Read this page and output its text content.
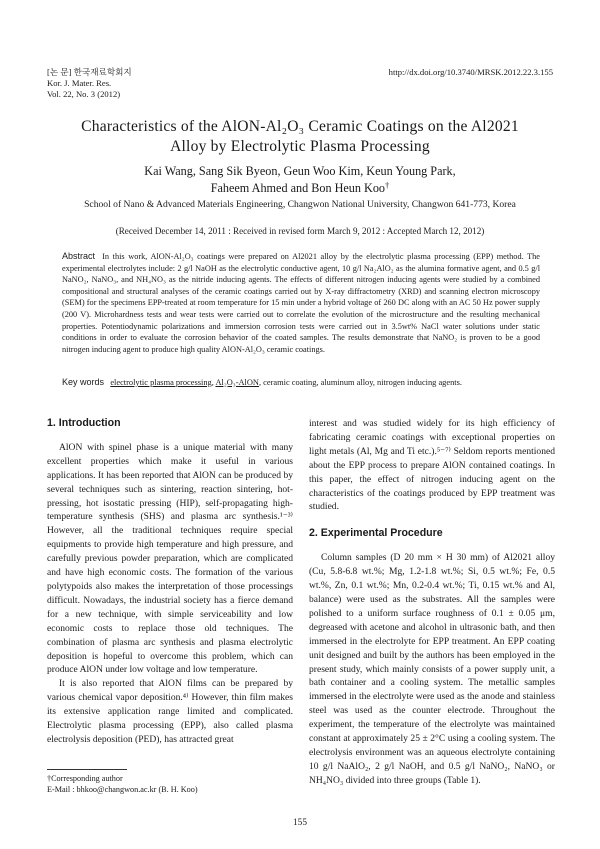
[논 문] 한국재료학회지
Kor. J. Mater. Res.
Vol. 22, No. 3 (2012)
http://dx.doi.org/10.3740/MRSK.2012.22.3.155
Characteristics of the AlON-Al₂O₃ Ceramic Coatings on the Al2021
Alloy by Electrolytic Plasma Processing
Kai Wang, Sang Sik Byeon, Geun Woo Kim, Keun Young Park,
Faheem Ahmed and Bon Heun Koo†
School of Nano & Advanced Materials Engineering, Changwon National University, Changwon 641-773, Korea
(Received December 14, 2011 : Received in revised form March 9, 2012 : Accepted March 12, 2012)
Abstract In this work, AlON-Al₂O₃ coatings were prepared on Al2021 alloy by the electrolytic plasma processing (EPP) method. The experimental electrolytes include: 2 g/l NaOH as the electrolytic conductive agent, 10 g/l Na₂AlO₂ as the alumina formative agent, and 0.5 g/l NaNO₂, NaNO₃, and NH₄NO₃ as the nitride inducing agents. The effects of different nitrogen inducing agents were studied by a combined compositional and structural analyses of the ceramic coatings carried out by X-ray diffractometry (XRD) and scanning electron microscopy (SEM) for the specimens EPP-treated at room temperature for 15 min under a hybrid voltage of 260 DC along with an AC 50 Hz power supply (200 V). Microhardness tests and wear tests were carried out to correlate the evolution of the microstructure and the resulting mechanical properties. Potentiodynamic polarizations and immersion corrosion tests were carried out in 3.5wt% NaCl water solutions under static conditions in order to evaluate the corrosion behavior of the coated samples. The results demonstrate that NaNO₂ is proven to be a good nitrogen inducing agent to produce high quality AlON-Al₂O₃ ceramic coatings.
Key words electrolytic plasma processing, Al₂O₃-AlON, ceramic coating, aluminum alloy, nitrogen inducing agents.
1. Introduction

AlON with spinel phase is a unique material with many excellent properties which make it useful in various applications. It has been reported that AlON can be produced by several techniques such as sintering, reaction sintering, hot-pressing, hot isostatic pressing (HIP), self-propagating high-temperature synthesis (SHS) and plasma arc synthesis.¹⁻³⁾ However, all the traditional techniques require special equipments to provide high temperature and high pressure, and carefully previous powder preparation, which are complicated and have high economic costs. The formation of the various polytypoids also makes the interpretation of those processings difficult. Nowadays, the industrial society has a fierce demand for a new technique, with simple serviceability and low economic costs to replace those old techniques. The combination of plasma arc synthesis and plasma electrolytic deposition is hopeful to overcome this problem, which can produce AlON under low voltage and low temperature.

It is also reported that AlON films can be prepared by various chemical vapor deposition.⁴⁾ However, thin film makes its extensive application range limited and complicated. Electrolytic plasma processing (EPP), also called plasma electrolysis deposition (PED), has attracted great

interest and was studied widely for its high efficiency of fabricating ceramic coatings with exceptional properties on light metals (Al, Mg and Ti etc.).⁵⁻⁷⁾ Seldom reports mentioned about the EPP process to prepare AlON contained coatings. In this paper, the effect of nitrogen inducing agent on the characteristics of the coatings produced by EPP treatment was studied.

2. Experimental Procedure

Column samples (D 20 mm × H 30 mm) of Al2021 alloy (Cu, 5.8-6.8 wt.%; Mg, 1.2-1.8 wt.%; Si, 0.5 wt.%; Fe, 0.5 wt.%, Zn, 0.1 wt.%; Mn, 0.2-0.4 wt.%; Ti, 0.15 wt.% and Al, balance) were used as the substrates. All the samples were polished to a uniform surface roughness of 0.1 ± 0.05 μm, degreased with acetone and alcohol in ultrasonic bath, and then immersed in the electrolyte for EPP treatment. An EPP coating unit designed and built by the authors has been employed in the present study, which mainly consists of a power supply unit, a bath container and a cooling system. The metallic samples immersed in the electrolyte were used as the anode and stainless steel was used as the counter electrode. Throughout the experiment, the temperature of the electrolyte was maintained constant at approximately 25 ± 2°C using a cooling system. The electrolysis environment was an aqueous electrolyte containing 10 g/l NaAlO₂, 2 g/l NaOH, and 0.5 g/l NaNO₂, NaNO₃ or NH₄NO₃ divided into three groups (Table 1).

†Corresponding author
E-Mail : bhkoo@changwon.ac.kr (B. H. Koo)
155
